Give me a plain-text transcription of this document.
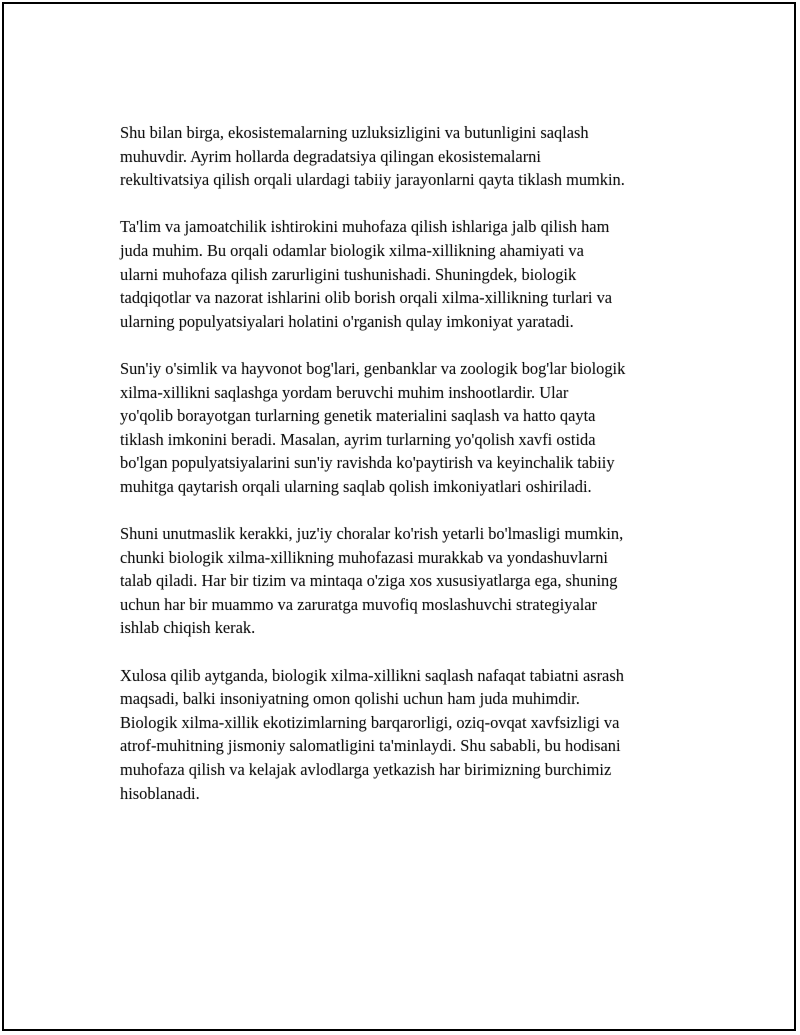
Shu bilan birga, ekosistemalarning uzluksizligini va butunligini saqlash
muhuvdir. Ayrim hollarda degradatsiya qilingan ekosistemalarni
rekultivatsiya qilish orqali ulardagi tabiiy jarayonlarni qayta tiklash mumkin.

Ta'lim va jamoatchilik ishtirokini muhofaza qilish ishlariga jalb qilish ham
juda muhim. Bu orqali odamlar biologik xilma-xillikning ahamiyati va
ularni muhofaza qilish zarurligini tushunishadi. Shuningdek, biologik
tadqiqotlar va nazorat ishlarini olib borish orqali xilma-xillikning turlari va
ularning populyatsiyalari holatini o'rganish qulay imkoniyat yaratadi.

Sun'iy o'simlik va hayvonot bog'lari, genbanklar va zoologik bog'lar biologik
xilma-xillikni saqlashga yordam beruvchi muhim inshootlardir. Ular
yo'qolib borayotgan turlarning genetik materialini saqlash va hatto qayta
tiklash imkonini beradi. Masalan, ayrim turlarning yo'qolish xavfi ostida
bo'lgan populyatsiyalarini sun'iy ravishda ko'paytirish va keyinchalik tabiiy
muhitga qaytarish orqali ularning saqlab qolish imkoniyatlari oshiriladi.

Shuni unutmaslik kerakki, juz'iy choralar ko'rish yetarli bo'lmasligi mumkin,
chunki biologik xilma-xillikning muhofazasi murakkab va yondashuvlarni
talab qiladi. Har bir tizim va mintaqa o'ziga xos xususiyatlarga ega, shuning
uchun har bir muammo va zaruratga muvofiq moslashuvchi strategiyalar
ishlab chiqish kerak.

Xulosa qilib aytganda, biologik xilma-xillikni saqlash nafaqat tabiatni asrash
maqsadi, balki insoniyatning omon qolishi uchun ham juda muhimdir.
Biologik xilma-xillik ekotizimlarning barqarorligi, oziq-ovqat xavfsizligi va
atrof-muhitning jismoniy salomatligini ta'minlaydi. Shu sababli, bu hodisani
muhofaza qilish va kelajak avlodlarga yetkazish har birimizning burchimiz
hisoblanadi.
